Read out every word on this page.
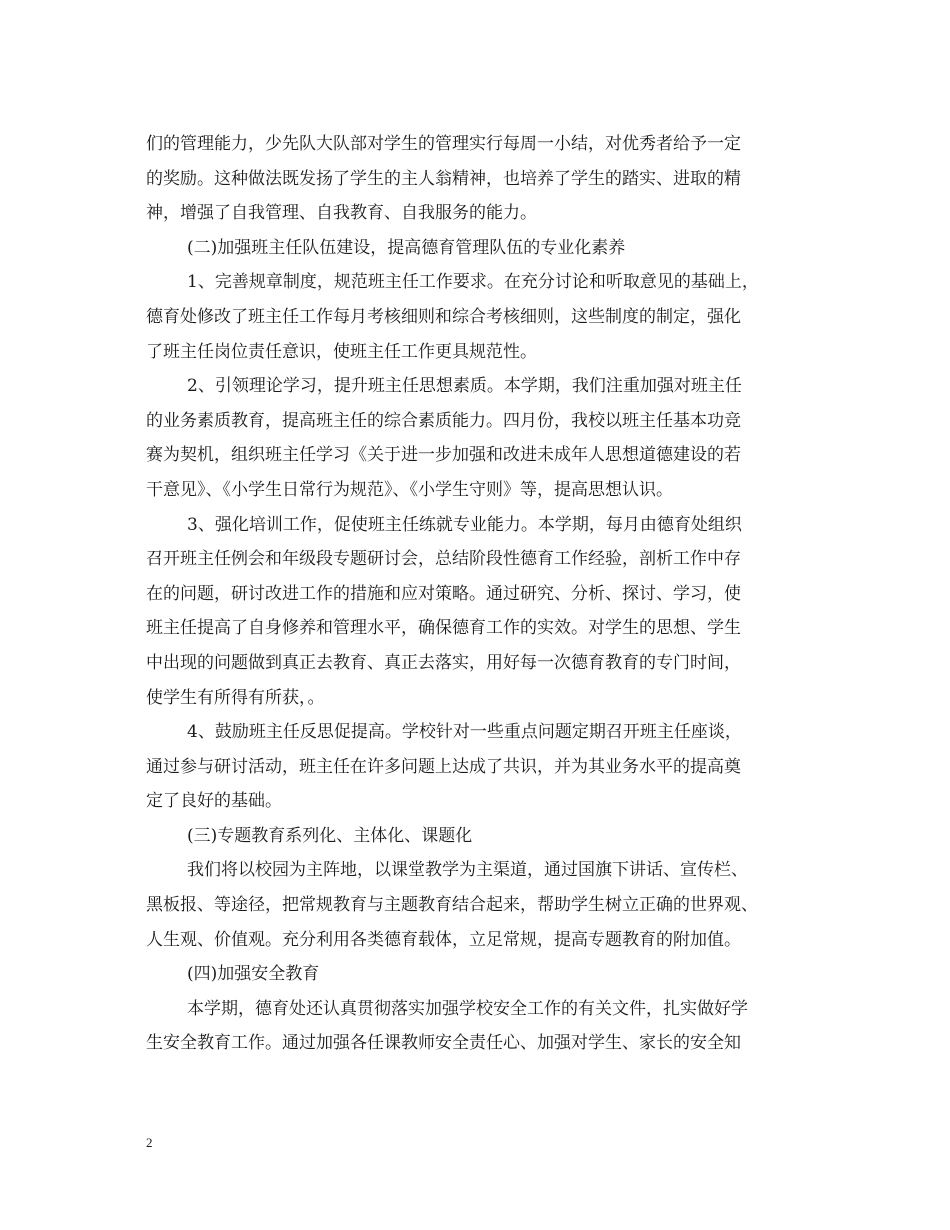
们的管理能力，少先队大队部对学生的管理实行每周一小结，对优秀者给予一定
的奖励。这种做法既发扬了学生的主人翁精神，也培养了学生的踏实、进取的精
神，增强了自我管理、自我教育、自我服务的能力。
(二)加强班主任队伍建设，提高德育管理队伍的专业化素养
1、完善规章制度，规范班主任工作要求。在充分讨论和听取意见的基础上，
德育处修改了班主任工作每月考核细则和综合考核细则，这些制度的制定，强化
了班主任岗位责任意识，使班主任工作更具规范性。
2、引领理论学习，提升班主任思想素质。本学期，我们注重加强对班主任
的业务素质教育，提高班主任的综合素质能力。四月份，我校以班主任基本功竞
赛为契机，组织班主任学习《关于进一步加强和改进未成年人思想道德建设的若
干意见》、《小学生日常行为规范》、《小学生守则》等，提高思想认识。
3、强化培训工作，促使班主任练就专业能力。本学期，每月由德育处组织
召开班主任例会和年级段专题研讨会，总结阶段性德育工作经验，剖析工作中存
在的问题，研讨改进工作的措施和应对策略。通过研究、分析、探讨、学习，使
班主任提高了自身修养和管理水平，确保德育工作的实效。对学生的思想、学生
中出现的问题做到真正去教育、真正去落实，用好每一次德育教育的专门时间，
使学生有所得有所获，。
4、鼓励班主任反思促提高。学校针对一些重点问题定期召开班主任座谈，
通过参与研讨活动，班主任在许多问题上达成了共识，并为其业务水平的提高奠
定了良好的基础。
(三)专题教育系列化、主体化、课题化
我们将以校园为主阵地，以课堂教学为主渠道，通过国旗下讲话、宣传栏、
黑板报、等途径，把常规教育与主题教育结合起来，帮助学生树立正确的世界观、
人生观、价值观。充分利用各类德育载体，立足常规，提高专题教育的附加值。
(四)加强安全教育
本学期，德育处还认真贯彻落实加强学校安全工作的有关文件，扎实做好学
生安全教育工作。通过加强各任课教师安全责任心、加强对学生、家长的安全知
2
